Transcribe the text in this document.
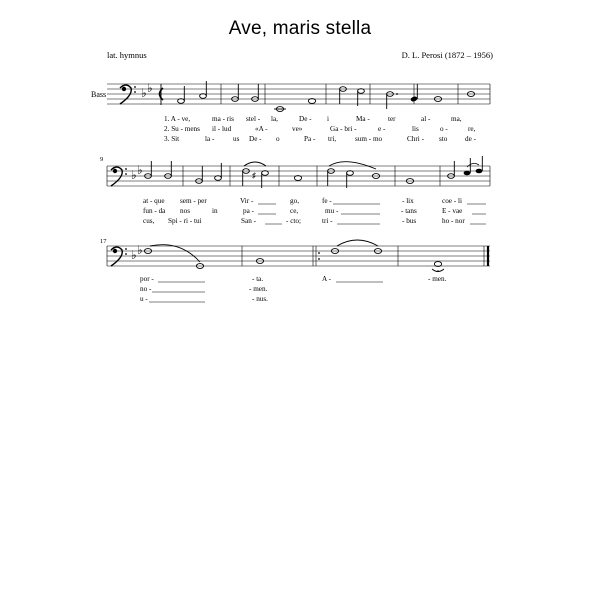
Ave, maris stella
lat. hymnus	D. L. Perosi (1872 – 1956)
♭ ♭
Bass
1. A - ve,	ma - ris stel - la,	De - i	Ma -	ter	al -	ma,
2. Su - mens il - lud	«A -	ve»	Ga - bri -	e -	lis	o -	re,
3. Sit	la -	us De - o	Pa - tri,	sum - mo	Chri - sto de -
9
♭ ♭	♯
at - que sem - per	Vir -	go,	fe -	- lix	coe - li
fun - da nos	in	pa -	ce,	mu -	- tans	E - vae
cus, Spi - ri - tui	San -	- cto;	tri -	- bus	ho - nor
17
♭ ♭
por -	- ta.	A -	- men.
no -	- men.
u -	- nus.
